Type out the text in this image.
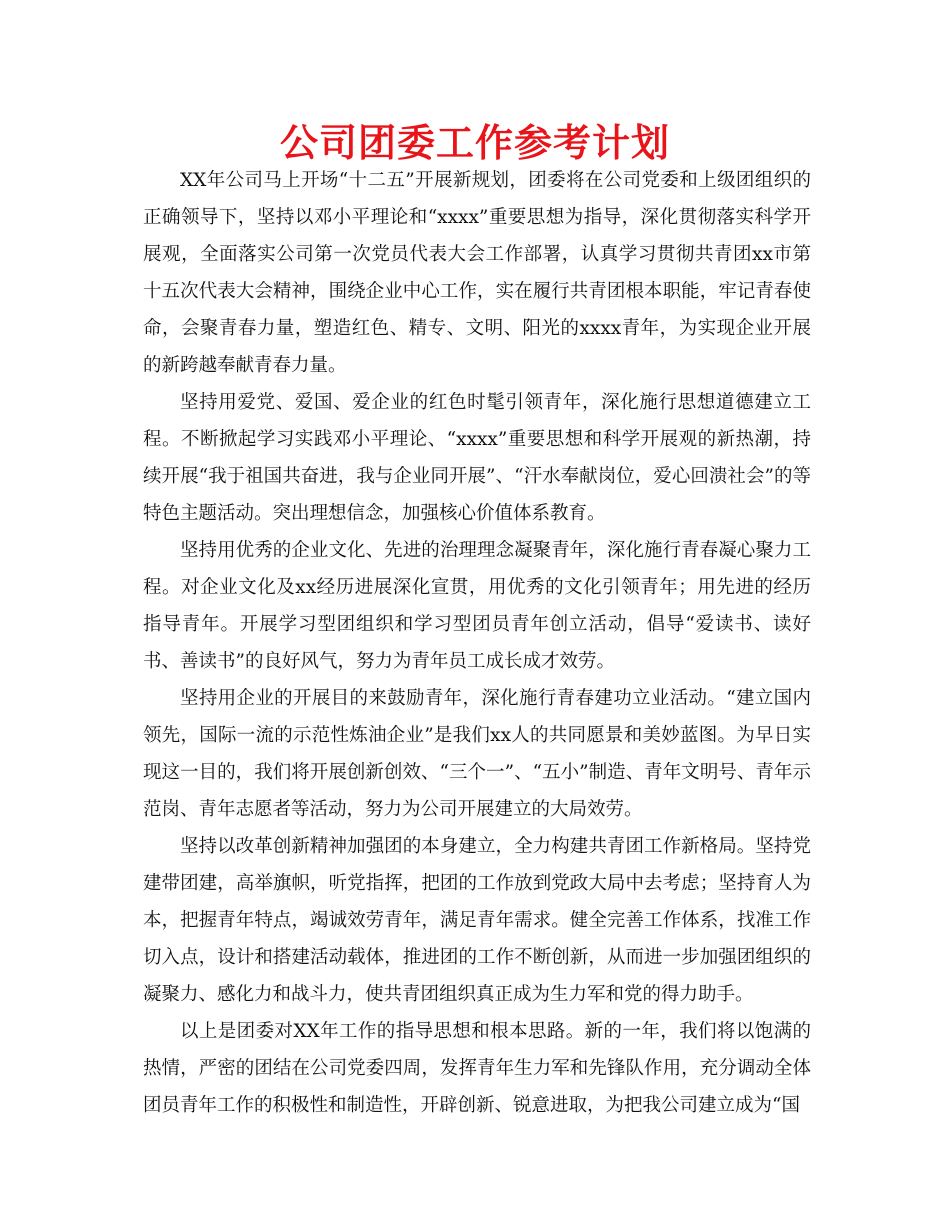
公司团委工作参考计划

XX年公司马上开场“十二五”开展新规划，团委将在公司党委和上级团组织的正确领导下，坚持以邓小平理论和“xxxx”重要思想为指导，深化贯彻落实科学开展观，全面落实公司第一次党员代表大会工作部署，认真学习贯彻共青团xx市第十五次代表大会精神，围绕企业中心工作，实在履行共青团根本职能，牢记青春使命，会聚青春力量，塑造红色、精专、文明、阳光的xxxx青年，为实现企业开展的新跨越奉献青春力量。

坚持用爱党、爱国、爱企业的红色时髦引领青年，深化施行思想道德建立工程。不断掀起学习实践邓小平理论、“xxxx”重要思想和科学开展观的新热潮，持续开展“我于祖国共奋进，我与企业同开展”、“汗水奉献岗位，爱心回溃社会”的等特色主题活动。突出理想信念，加强核心价值体系教育。

坚持用优秀的企业文化、先进的治理理念凝聚青年，深化施行青春凝心聚力工程。对企业文化及xx经历进展深化宣贯，用优秀的文化引领青年；用先进的经历指导青年。开展学习型团组织和学习型团员青年创立活动，倡导“爱读书、读好书、善读书”的良好风气，努力为青年员工成长成才效劳。

坚持用企业的开展目的来鼓励青年，深化施行青春建功立业活动。“建立国内领先，国际一流的示范性炼油企业”是我们xx人的共同愿景和美妙蓝图。为早日实现这一目的，我们将开展创新创效、“三个一”、“五小”制造、青年文明号、青年示范岗、青年志愿者等活动，努力为公司开展建立的大局效劳。

坚持以改革创新精神加强团的本身建立，全力构建共青团工作新格局。坚持党建带团建，高举旗帜，听党指挥，把团的工作放到党政大局中去考虑；坚持育人为本，把握青年特点，竭诚效劳青年，满足青年需求。健全完善工作体系，找准工作切入点，设计和搭建活动载体，推进团的工作不断创新，从而进一步加强团组织的凝聚力、感化力和战斗力，使共青团组织真正成为生力军和党的得力助手。

以上是团委对XX年工作的指导思想和根本思路。新的一年，我们将以饱满的热情，严密的团结在公司党委四周，发挥青年生力军和先锋队作用，充分调动全体团员青年工作的积极性和制造性，开辟创新、锐意进取，为把我公司建立成为“国
